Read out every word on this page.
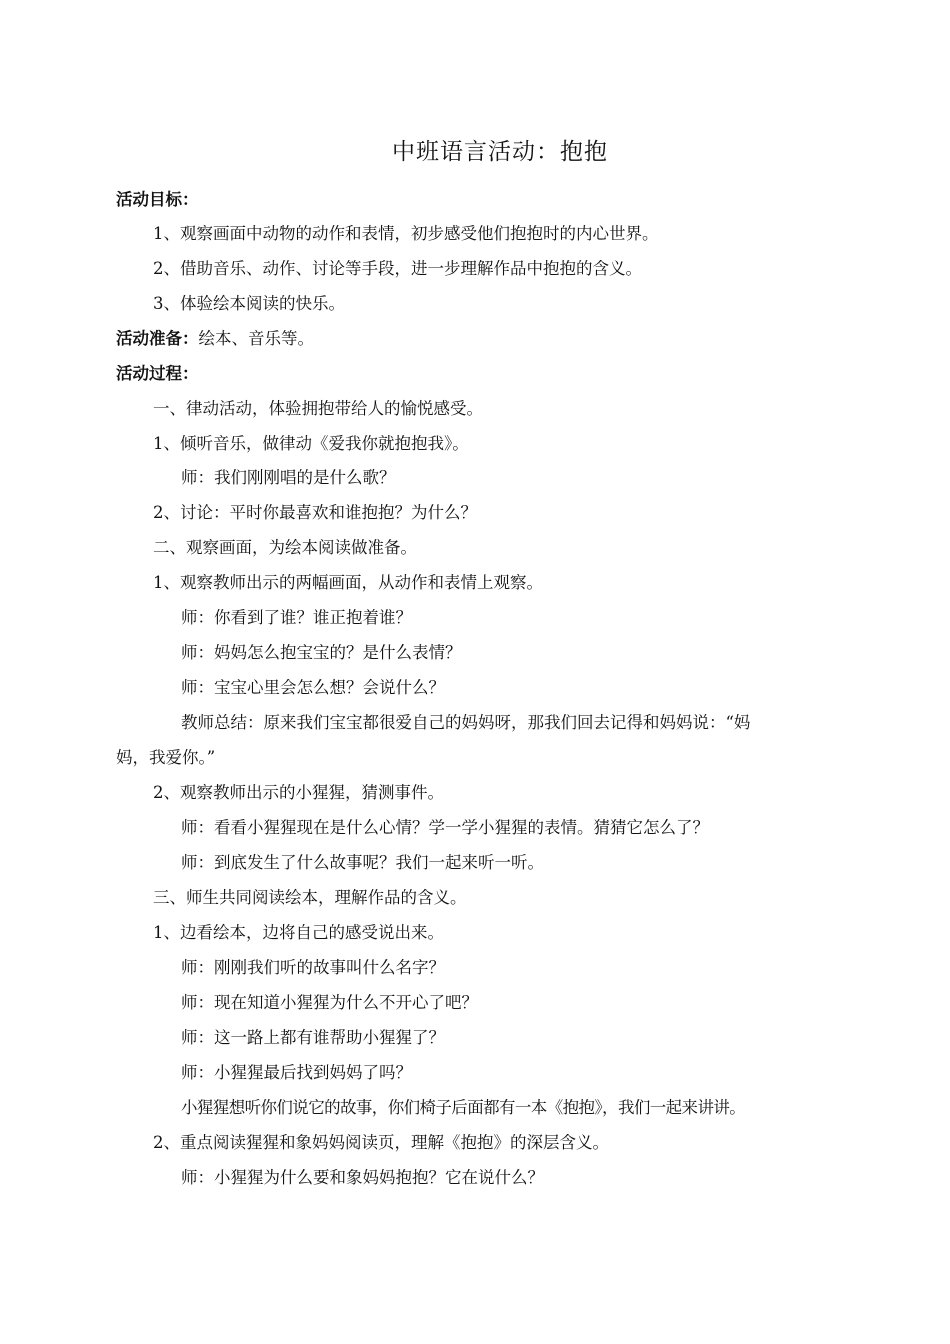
中班语言活动：抱抱
活动目标：
1、观察画面中动物的动作和表情，初步感受他们抱抱时的内心世界。
2、借助音乐、动作、讨论等手段，进一步理解作品中抱抱的含义。
3、体验绘本阅读的快乐。
活动准备：绘本、音乐等。
活动过程：
一、律动活动，体验拥抱带给人的愉悦感受。
1、倾听音乐，做律动《爱我你就抱抱我》。
师：我们刚刚唱的是什么歌？
2、讨论：平时你最喜欢和谁抱抱？为什么？
二、观察画面，为绘本阅读做准备。
1、观察教师出示的两幅画面，从动作和表情上观察。
师：你看到了谁？谁正抱着谁？
师：妈妈怎么抱宝宝的？是什么表情？
师：宝宝心里会怎么想？会说什么？
教师总结：原来我们宝宝都很爱自己的妈妈呀，那我们回去记得和妈妈说：“妈
妈，我爱你。”
2、观察教师出示的小猩猩，猜测事件。
师：看看小猩猩现在是什么心情？学一学小猩猩的表情。猜猜它怎么了？
师：到底发生了什么故事呢？我们一起来听一听。
三、师生共同阅读绘本，理解作品的含义。
1、边看绘本，边将自己的感受说出来。
师：刚刚我们听的故事叫什么名字？
师：现在知道小猩猩为什么不开心了吧？
师：这一路上都有谁帮助小猩猩了？
师：小猩猩最后找到妈妈了吗？
小猩猩想听你们说它的故事，你们椅子后面都有一本《抱抱》，我们一起来讲讲。
2、重点阅读猩猩和象妈妈阅读页，理解《抱抱》的深层含义。
师：小猩猩为什么要和象妈妈抱抱？它在说什么？
